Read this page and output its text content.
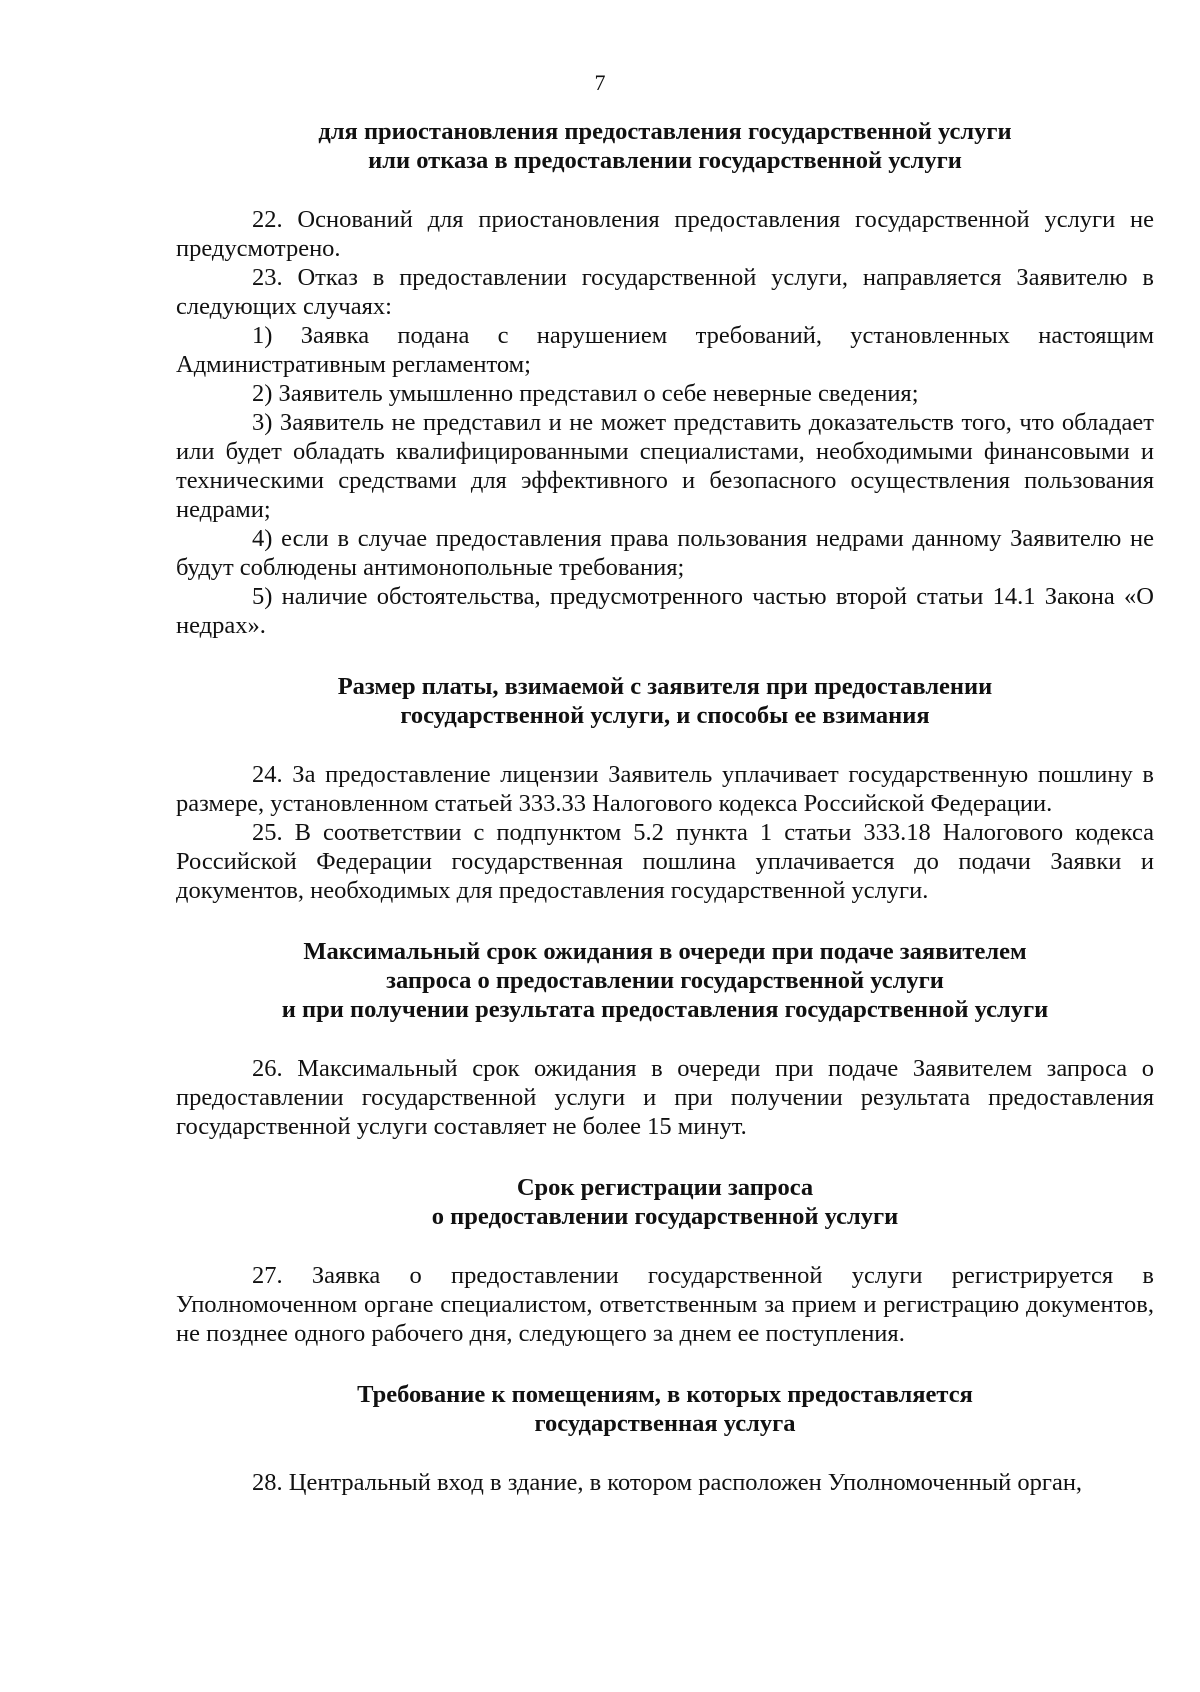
7
для приостановления предоставления государственной услуги
или отказа в предоставлении государственной услуги

22. Оснований для приостановления предоставления государственной услуги не предусмотрено.

23. Отказ в предоставлении государственной услуги, направляется Заявителю в следующих случаях:

1) Заявка подана с нарушением требований, установленных настоящим Административным регламентом;

2) Заявитель умышленно представил о себе неверные сведения;

3) Заявитель не представил и не может представить доказательств того, что обладает или будет обладать квалифицированными специалистами, необходимыми финансовыми и техническими средствами для эффективного и безопасного осуществления пользования недрами;

4) если в случае предоставления права пользования недрами данному Заявителю не будут соблюдены антимонопольные требования;

5) наличие обстоятельства, предусмотренного частью второй статьи 14.1 Закона «О недрах».

Размер платы, взимаемой с заявителя при предоставлении
государственной услуги, и способы ее взимания

24. За предоставление лицензии Заявитель уплачивает государственную пошлину в размере, установленном статьей 333.33 Налогового кодекса Российской Федерации.

25. В соответствии с подпунктом 5.2 пункта 1 статьи 333.18 Налогового кодекса Российской Федерации государственная пошлина уплачивается до подачи Заявки и документов, необходимых для предоставления государственной услуги.

Максимальный срок ожидания в очереди при подаче заявителем
запроса о предоставлении государственной услуги
и при получении результата предоставления государственной услуги

26. Максимальный срок ожидания в очереди при подаче Заявителем запроса о предоставлении государственной услуги и при получении результата предоставления государственной услуги составляет не более 15 минут.

Срок регистрации запроса
о предоставлении государственной услуги

27. Заявка о предоставлении государственной услуги регистрируется в Уполномоченном органе специалистом, ответственным за прием и регистрацию документов, не позднее одного рабочего дня, следующего за днем ее поступления.

Требование к помещениям, в которых предоставляется
государственная услуга

28. Центральный вход в здание, в котором расположен Уполномоченный орган,
